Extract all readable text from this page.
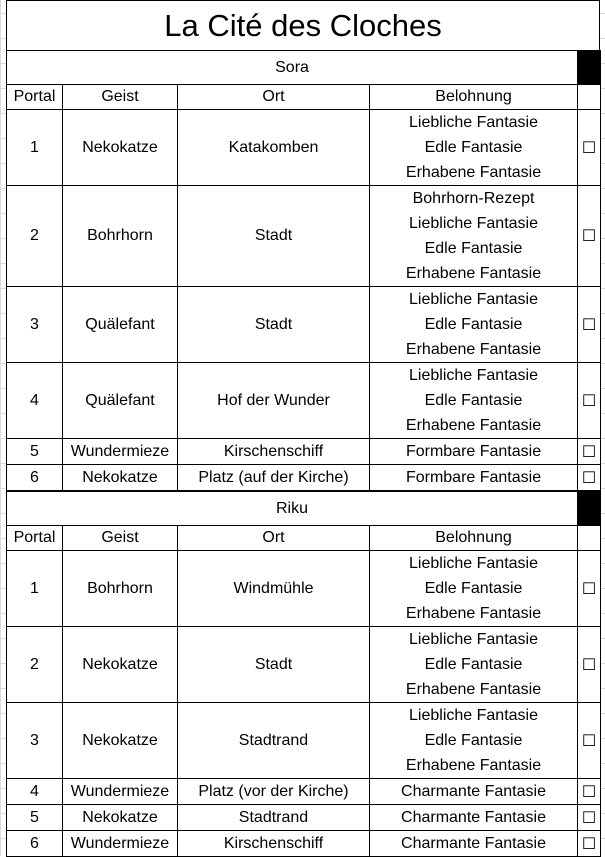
La Cité des Cloches
Sora				
Portal	Geist	Ort	Belohnung	
1	Nekokatze	Katakomben	Liebliche Fantasie
Edle Fantasie
Erhabene Fantasie	☐
2	Bohrhorn	Stadt	Bohrhorn-Rezept
Liebliche Fantasie
Edle Fantasie
Erhabene Fantasie	☐
3	Quälefant	Stadt	Liebliche Fantasie
Edle Fantasie
Erhabene Fantasie	☐
4	Quälefant	Hof der Wunder	Liebliche Fantasie
Edle Fantasie
Erhabene Fantasie	☐
5	Wundermieze	Kirschenschiff	Formbare Fantasie	☐
6	Nekokatze	Platz (auf der Kirche)	Formbare Fantasie	☐
Riku				
Portal	Geist	Ort	Belohnung	
1	Bohrhorn	Windmühle	Liebliche Fantasie
Edle Fantasie
Erhabene Fantasie	☐
2	Nekokatze	Stadt	Liebliche Fantasie
Edle Fantasie
Erhabene Fantasie	☐
3	Nekokatze	Stadtrand	Liebliche Fantasie
Edle Fantasie
Erhabene Fantasie	☐
4	Wundermieze	Platz (vor der Kirche)	Charmante Fantasie	☐
5	Nekokatze	Stadtrand	Charmante Fantasie	☐
6	Wundermieze	Kirschenschiff	Charmante Fantasie	☐
